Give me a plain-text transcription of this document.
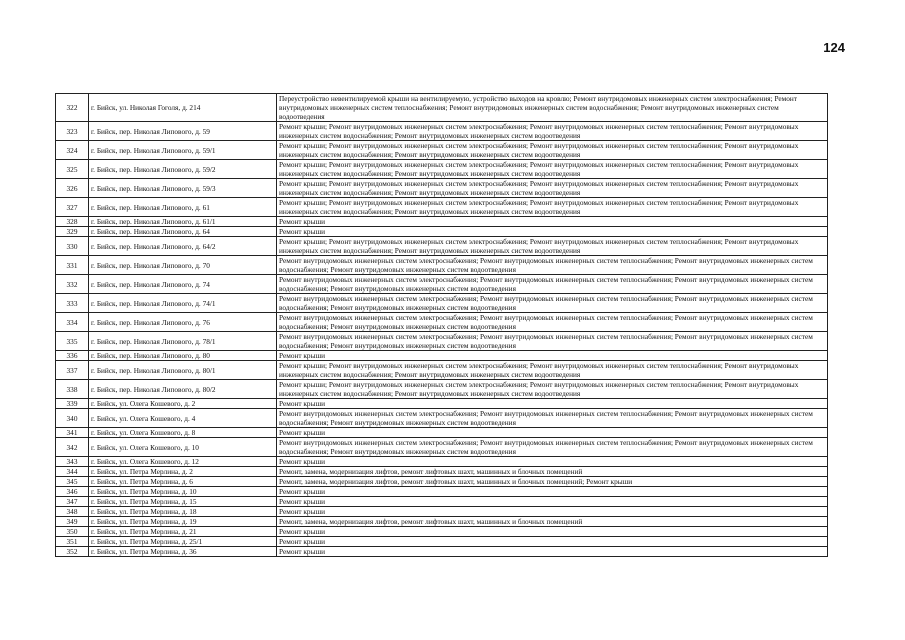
124
322	г. Бийск, ул. Николая Гоголя, д. 214	Переустройство невентилируемой крыши на вентилируемую, устройство выходов на кровлю; Ремонт внутридомовых инженерных систем электроснабжения; Ремонт внутридомовых инженерных систем теплоснабжения; Ремонт внутридомовых инженерных систем водоснабжения; Ремонт внутридомовых инженерных систем водоотведения
323	г. Бийск, пер. Николая Липового, д. 59	Ремонт крыши; Ремонт внутридомовых инженерных систем электроснабжения; Ремонт внутридомовых инженерных систем теплоснабжения; Ремонт внутридомовых инженерных систем водоснабжения; Ремонт внутридомовых инженерных систем водоотведения
324	г. Бийск, пер. Николая Липового, д. 59/1	Ремонт крыши; Ремонт внутридомовых инженерных систем электроснабжения; Ремонт внутридомовых инженерных систем теплоснабжения; Ремонт внутридомовых инженерных систем водоснабжения; Ремонт внутридомовых инженерных систем водоотведения
325	г. Бийск, пер. Николая Липового, д. 59/2	Ремонт крыши; Ремонт внутридомовых инженерных систем электроснабжения; Ремонт внутридомовых инженерных систем теплоснабжения; Ремонт внутридомовых инженерных систем водоснабжения; Ремонт внутридомовых инженерных систем водоотведения
326	г. Бийск, пер. Николая Липового, д. 59/3	Ремонт крыши; Ремонт внутридомовых инженерных систем электроснабжения; Ремонт внутридомовых инженерных систем теплоснабжения; Ремонт внутридомовых инженерных систем водоснабжения; Ремонт внутридомовых инженерных систем водоотведения
327	г. Бийск, пер. Николая Липового, д. 61	Ремонт крыши; Ремонт внутридомовых инженерных систем электроснабжения; Ремонт внутридомовых инженерных систем теплоснабжения; Ремонт внутридомовых инженерных систем водоснабжения; Ремонт внутридомовых инженерных систем водоотведения
328	г. Бийск, пер. Николая Липового, д. 61/1	Ремонт крыши
329	г. Бийск, пер. Николая Липового, д. 64	Ремонт крыши
330	г. Бийск, пер. Николая Липового, д. 64/2	Ремонт крыши; Ремонт внутридомовых инженерных систем электроснабжения; Ремонт внутридомовых инженерных систем теплоснабжения; Ремонт внутридомовых инженерных систем водоснабжения; Ремонт внутридомовых инженерных систем водоотведения
331	г. Бийск, пер. Николая Липового, д. 70	Ремонт внутридомовых инженерных систем электроснабжения; Ремонт внутридомовых инженерных систем теплоснабжения; Ремонт внутридомовых инженерных систем водоснабжения; Ремонт внутридомовых инженерных систем водоотведения
332	г. Бийск, пер. Николая Липового, д. 74	Ремонт внутридомовых инженерных систем электроснабжения; Ремонт внутридомовых инженерных систем теплоснабжения; Ремонт внутридомовых инженерных систем водоснабжения; Ремонт внутридомовых инженерных систем водоотведения
333	г. Бийск, пер. Николая Липового, д. 74/1	Ремонт внутридомовых инженерных систем электроснабжения; Ремонт внутридомовых инженерных систем теплоснабжения; Ремонт внутридомовых инженерных систем водоснабжения; Ремонт внутридомовых инженерных систем водоотведения
334	г. Бийск, пер. Николая Липового, д. 76	Ремонт внутридомовых инженерных систем электроснабжения; Ремонт внутридомовых инженерных систем теплоснабжения; Ремонт внутридомовых инженерных систем водоснабжения; Ремонт внутридомовых инженерных систем водоотведения
335	г. Бийск, пер. Николая Липового, д. 78/1	Ремонт внутридомовых инженерных систем электроснабжения; Ремонт внутридомовых инженерных систем теплоснабжения; Ремонт внутридомовых инженерных систем водоснабжения; Ремонт внутридомовых инженерных систем водоотведения
336	г. Бийск, пер. Николая Липового, д. 80	Ремонт крыши
337	г. Бийск, пер. Николая Липового, д. 80/1	Ремонт крыши; Ремонт внутридомовых инженерных систем электроснабжения; Ремонт внутридомовых инженерных систем теплоснабжения; Ремонт внутридомовых инженерных систем водоснабжения; Ремонт внутридомовых инженерных систем водоотведения
338	г. Бийск, пер. Николая Липового, д. 80/2	Ремонт крыши; Ремонт внутридомовых инженерных систем электроснабжения; Ремонт внутридомовых инженерных систем теплоснабжения; Ремонт внутридомовых инженерных систем водоснабжения; Ремонт внутридомовых инженерных систем водоотведения
339	г. Бийск, ул. Олега Кошевого, д. 2	Ремонт крыши
340	г. Бийск, ул. Олега Кошевого, д. 4	Ремонт внутридомовых инженерных систем электроснабжения; Ремонт внутридомовых инженерных систем теплоснабжения; Ремонт внутридомовых инженерных систем водоснабжения; Ремонт внутридомовых инженерных систем водоотведения
341	г. Бийск, ул. Олега Кошевого, д. 8	Ремонт крыши
342	г. Бийск, ул. Олега Кошевого, д. 10	Ремонт внутридомовых инженерных систем электроснабжения; Ремонт внутридомовых инженерных систем теплоснабжения; Ремонт внутридомовых инженерных систем водоснабжения; Ремонт внутридомовых инженерных систем водоотведения
343	г. Бийск, ул. Олега Кошевого, д. 12	Ремонт крыши
344	г. Бийск, ул. Петра Мерлина, д. 2	Ремонт, замена, модернизация лифтов, ремонт лифтовых шахт, машинных и блочных помещений
345	г. Бийск, ул. Петра Мерлина, д. 6	Ремонт, замена, модернизация лифтов, ремонт лифтовых шахт, машинных и блочных помещений; Ремонт крыши
346	г. Бийск, ул. Петра Мерлина, д. 10	Ремонт крыши
347	г. Бийск, ул. Петра Мерлина, д. 15	Ремонт крыши
348	г. Бийск, ул. Петра Мерлина, д. 18	Ремонт крыши
349	г. Бийск, ул. Петра Мерлина, д. 19	Ремонт, замена, модернизация лифтов, ремонт лифтовых шахт, машинных и блочных помещений
350	г. Бийск, ул. Петра Мерлина, д. 21	Ремонт крыши
351	г. Бийск, ул. Петра Мерлина, д. 25/1	Ремонт крыши
352	г. Бийск, ул. Петра Мерлина, д. 36	Ремонт крыши
